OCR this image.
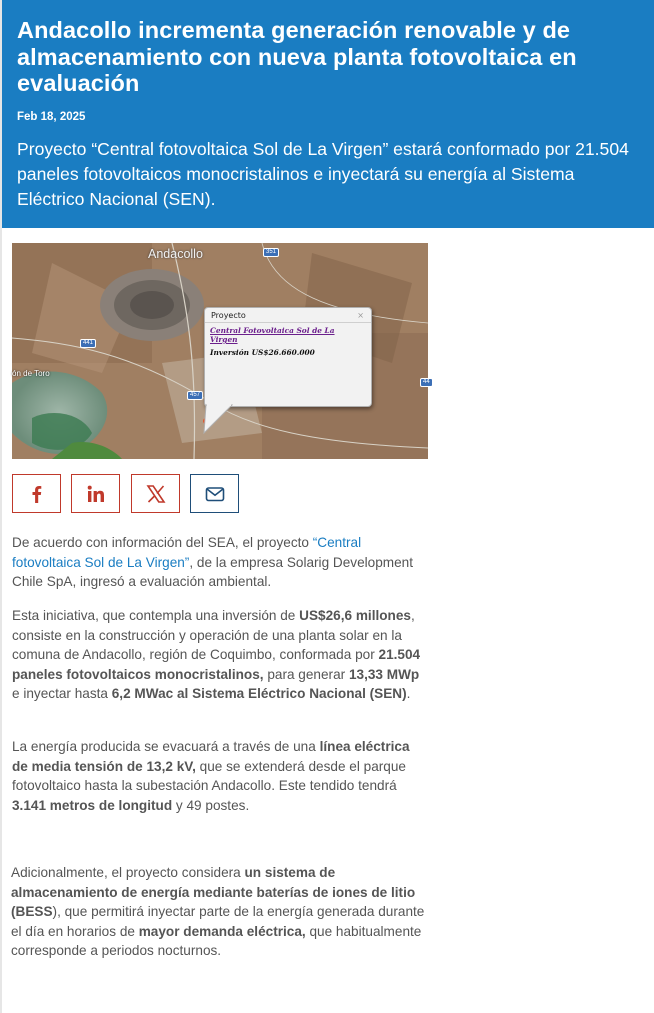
Andacollo incrementa generación renovable y de almacenamiento con nueva planta fotovoltaica en evaluación
Feb 18, 2025
Proyecto “Central fotovoltaica Sol de La Virgen” estará conformado por 21.504 paneles fotovoltaicos monocristalinos e inyectará su energía al Sistema Eléctrico Nacional (SEN).
Andacollo
ón de Toro
351
441
457
44
Proyecto	×
Central Fotovoltaica Sol de La Virgen
Inversión US$26.660.000

De acuerdo con información del SEA, el proyecto “Central fotovoltaica Sol de La Virgen”, de la empresa Solarig Development Chile SpA, ingresó a evaluación ambiental.

Esta iniciativa, que contempla una inversión de US$26,6 millones, consiste en la construcción y operación de una planta solar en la comuna de Andacollo, región de Coquimbo, conformada por 21.504 paneles fotovoltaicos monocristalinos, para generar 13,33 MWp e inyectar hasta 6,2 MWac al Sistema Eléctrico Nacional (SEN).

La energía producida se evacuará a través de una línea eléctrica de media tensión de 13,2 kV, que se extenderá desde el parque fotovoltaico hasta la subestación Andacollo. Este tendido tendrá 3.141 metros de longitud y 49 postes.

Adicionalmente, el proyecto considera un sistema de almacenamiento de energía mediante baterías de iones de litio (BESS), que permitirá inyectar parte de la energía generada durante el día en horarios de mayor demanda eléctrica, que habitualmente corresponde a periodos nocturnos.
